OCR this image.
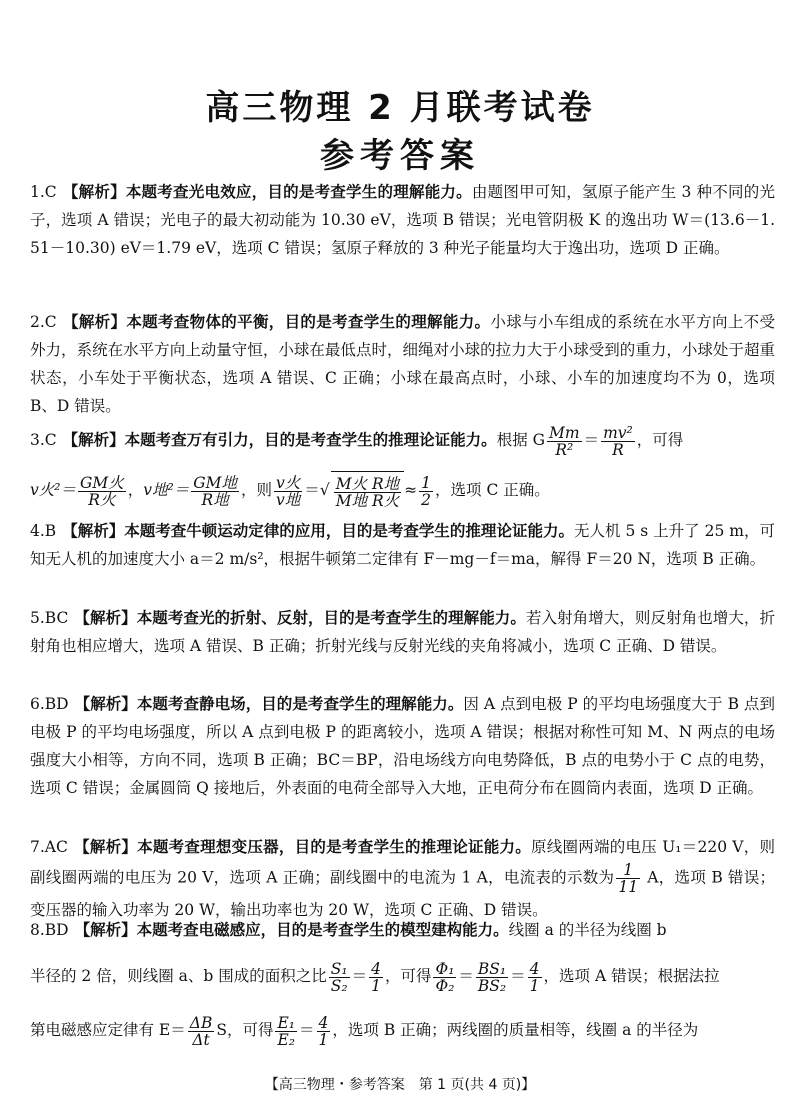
高三物理 2 月联考试卷
参考答案
1.C 【解析】本题考查光电效应，目的是考查学生的理解能力。由题图甲可知，氢原子能产生 3 种不同的光子，选项 A 错误；光电子的最大初动能为 10.30 eV，选项 B 错误；光电管阴极 K 的逸出功 W＝(13.6－1.51－10.30) eV＝1.79 eV，选项 C 错误；氢原子释放的 3 种光子能量均大于逸出功，选项 D 正确。
2.C 【解析】本题考查物体的平衡，目的是考查学生的理解能力。小球与小车组成的系统在水平方向上不受外力，系统在水平方向上动量守恒，小球在最低点时，细绳对小球的拉力大于小球受到的重力，小球处于超重状态，小车处于平衡状态，选项 A 错误、C 正确；小球在最高点时，小球、小车的加速度均不为 0，选项 B、D 错误。
3.C 【解析】本题考查万有引力，目的是考查学生的推理论证能力。根据 G $\frac{Mm}{\text{R²}} = \frac{\text{mv²}}{R}$ ，可得
v火$^2= \frac{\text{GM火}}{\text{R火}}$ ，v地$^2= \frac{\text{GM地}}{\text{R地}}$ ，则 $\frac{\text{v火}}{\text{v地}}$ ＝√ $\frac{\text{M火 R地}}{\text{M地 R火}} \approx \frac{1}{2}$ ，选项 C 正确。
4.B 【解析】本题考查牛顿运动定律的应用，目的是考查学生的推理论证能力。无人机 5 s 上升了 25 m，可知无人机的加速度大小 a＝2 m/s²，根据牛顿第二定律有 F－mg－f＝ma，解得 F＝20 N，选项 B 正确。
5.BC 【解析】本题考查光的折射、反射，目的是考查学生的理解能力。若入射角增大，则反射角也增大，折射角也相应增大，选项 A 错误、B 正确；折射光线与反射光线的夹角将减小，选项 C 正确、D 错误。
6.BD 【解析】本题考查静电场，目的是考查学生的理解能力。因 A 点到电极 P 的平均电场强度大于 B 点到电极 P 的平均电场强度，所以 A 点到电极 P 的距离较小，选项 A 错误；根据对称性可知 M、N 两点的电场强度大小相等，方向不同，选项 B 正确；BC＝BP，沿电场线方向电势降低，B 点的电势小于 C 点的电势，选项 C 错误；金属圆筒 Q 接地后，外表面的电荷全部导入大地，正电荷分布在圆筒内表面，选项 D 正确。
7.AC 【解析】本题考查理想变压器，目的是考查学生的推理论证能力。原线圈两端的电压 U₁＝220 V，则副线圈两端的电压为 20 V，选项 A 正确；副线圈中的电流为 1 A，电流表的示数为 $\frac{1}{11}$ A，选项 B 错误；变压器的输入功率为 20 W，输出功率也为 20 W，选项 C 正确、D 错误。
8.BD 【解析】本题考查电磁感应，目的是考查学生的模型建构能力。线圈 a 的半径为线圈 b
半径的 2 倍，则线圈 a、b 围成的面积之比 $\frac{\text{S₁}}{\text{S₂}} = \frac{4}{1}$ ，可得 $\frac{\text{Φ₁}}{\text{Φ₂}} = \frac{\text{BS₁}}{\text{BS₂}} = \frac{4}{1}$ ，选项 A 错误；根据法拉
第电磁感应定律有 $E= \frac{\Delta B}{\Delta t}$ S，可得 $\frac{\text{E₁}}{\text{E₂}} = \frac{4}{1}$ ，选项 B 正确；两线圈的质量相等，线圈 a 的半径为
【高三物理・参考答案　第 1 页(共 4 页)】
